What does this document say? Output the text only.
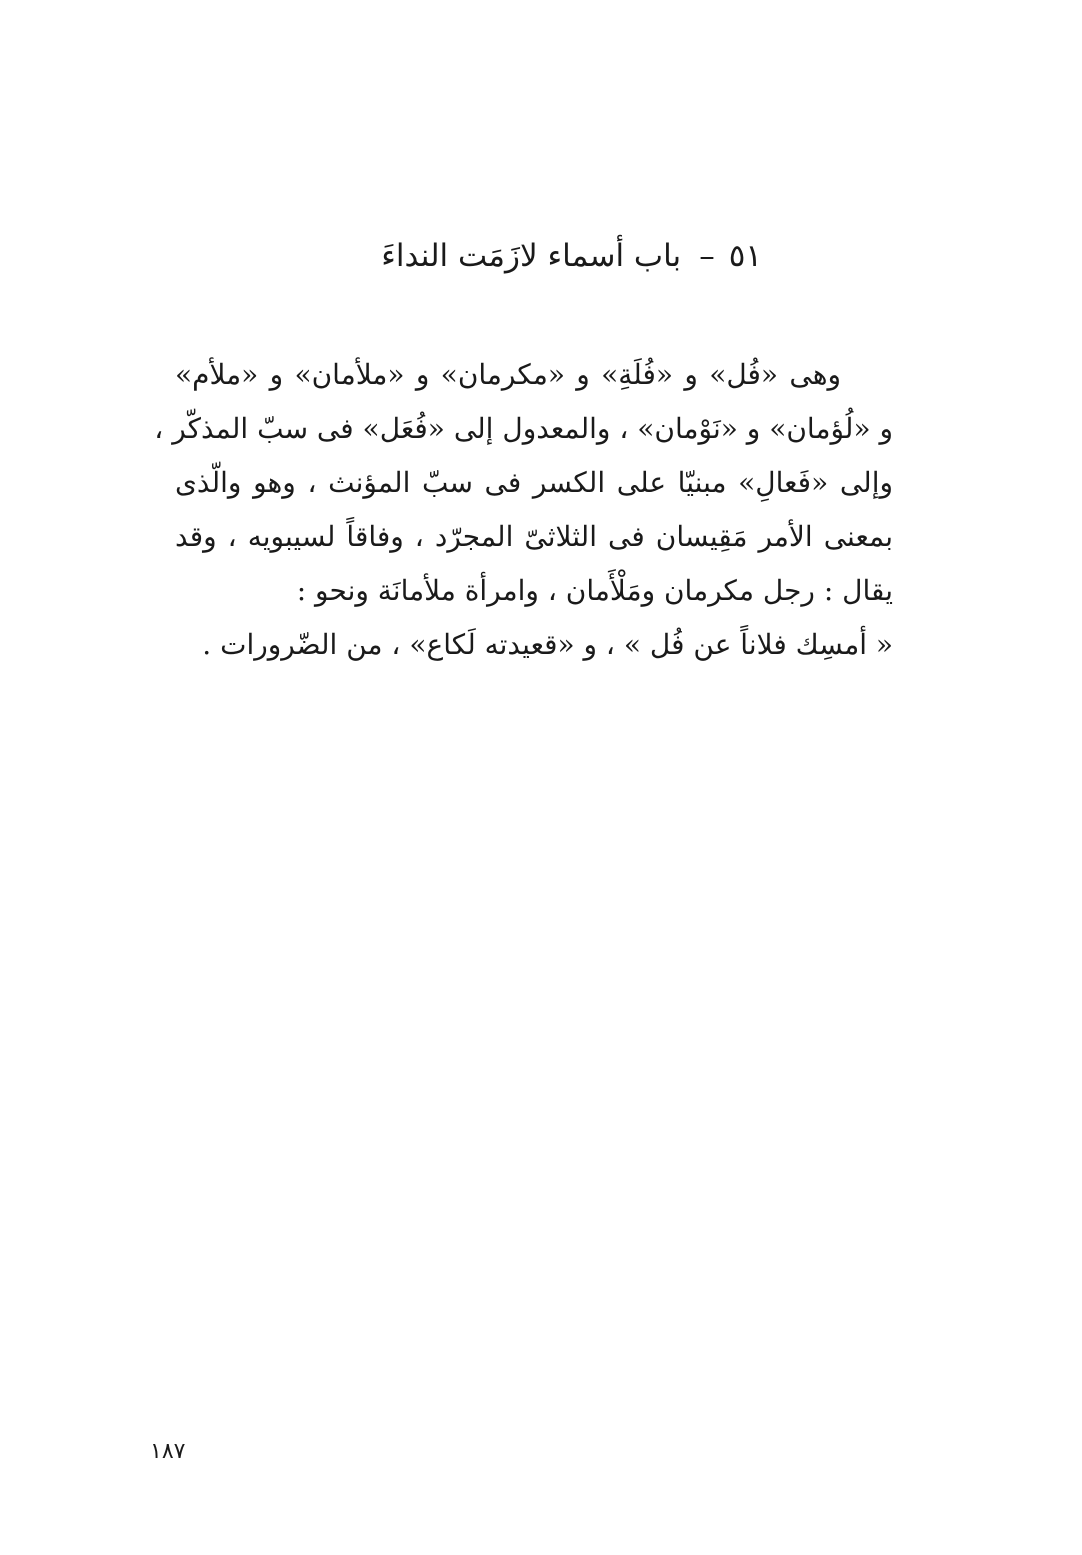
٥١–باب أسماء لازَمَت النداءَ
وهى «فُل» و «فُلَةِ» و «مكرمان» و «ملأمان» و «ملأم»
و «لُؤمان» و «نَوْمان» ، والمعدول إلى «فُعَل» فى سبّ المذكّر ،
وإلى «فَعالِ» مبنيّا على الكسر فى سبّ المؤنث ، وهو والّذى
بمعنى الأمر مَقِيسان فى الثلاثىّ المجرّد ، وفاقاً لسيبويه ، وقد
يقال : رجل مكرمان ومَلْأَمان ، وامرأة ملأمانَة ونحو :
« أمسِك فلاناً عن فُل » ، و «قعيدته لَكاع» ، من الضّرورات .
١٨٧
